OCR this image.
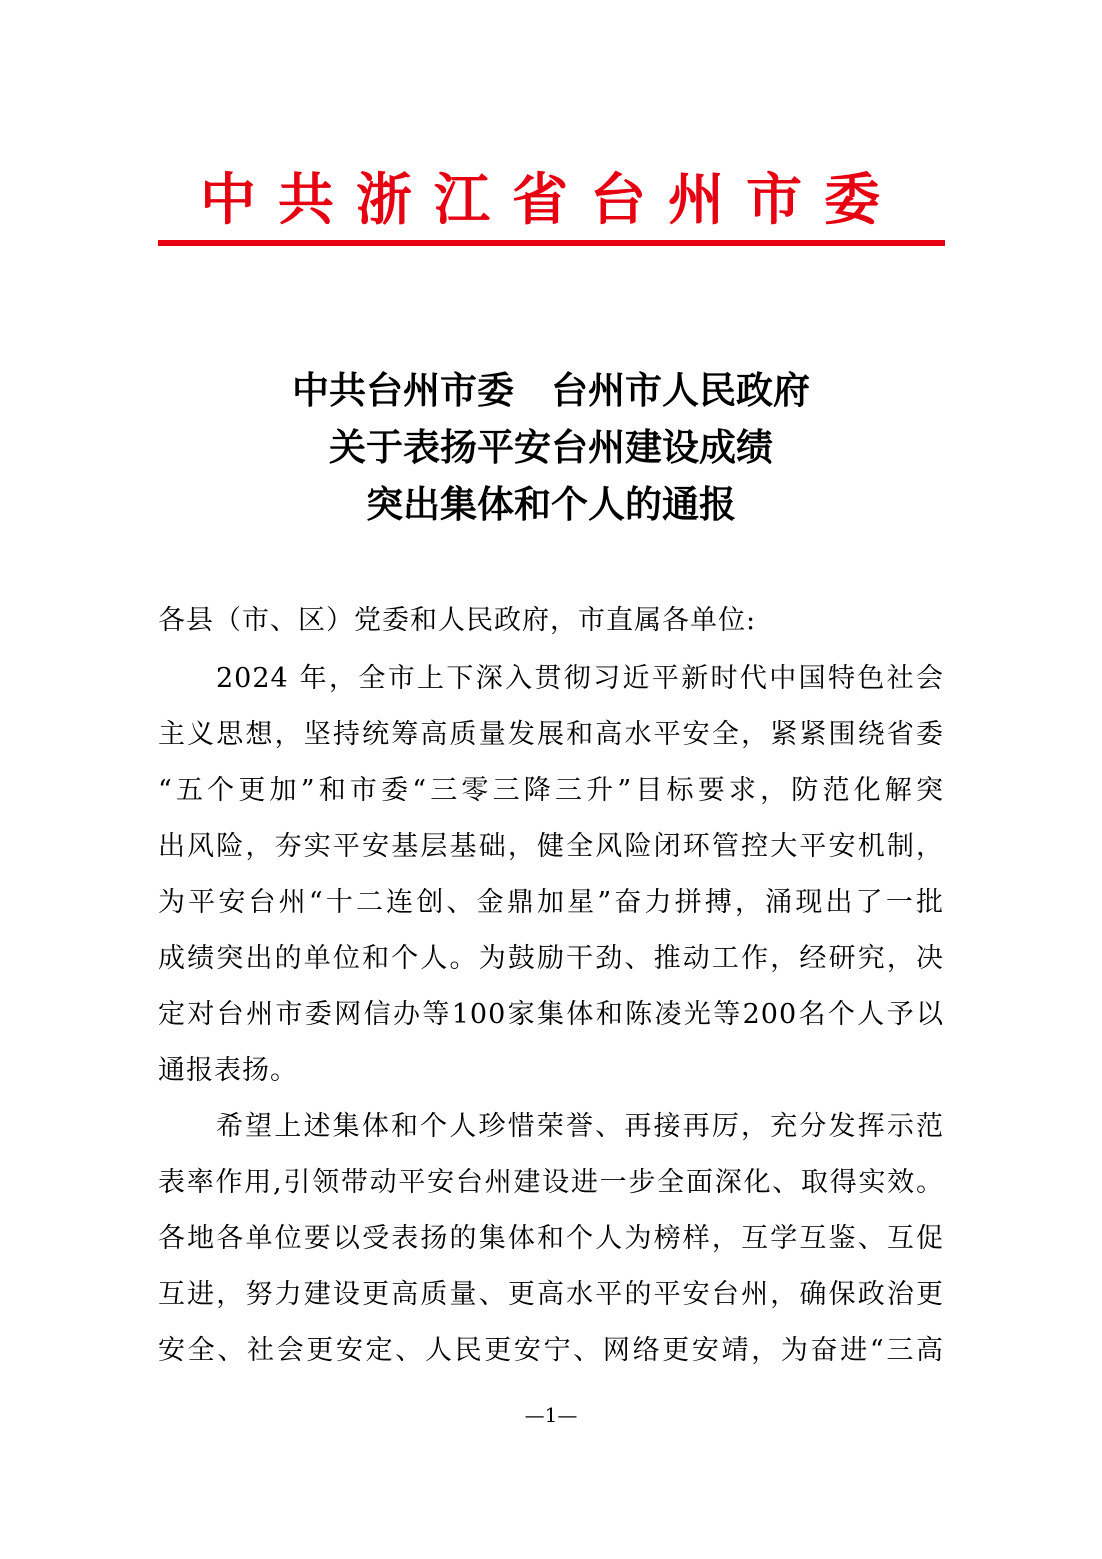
中共浙江省台州市委
中共台州市委　台州市人民政府
关于表扬平安台州建设成绩
突出集体和个人的通报
各县（市、区）党委和人民政府，市直属各单位:
2024 年，全市上下深入贯彻习近平新时代中国特色社会
主义思想，坚持统筹高质量发展和高水平安全，紧紧围绕省委
“五个更加”和市委“三零三降三升”目标要求，防范化解突
出风险，夯实平安基层基础，健全风险闭环管控大平安机制，
为平安台州“十二连创、金鼎加星”奋力拼搏，涌现出了一批
成绩突出的单位和个人。为鼓励干劲、推动工作，经研究，决
定对台州市委网信办等100家集体和陈凌光等200名个人予以
通报表扬。
希望上述集体和个人珍惜荣誉、再接再厉，充分发挥示范
表率作用,引领带动平安台州建设进一步全面深化、取得实效。
各地各单位要以受表扬的集体和个人为榜样，互学互鉴、互促
互进，努力建设更高质量、更高水平的平安台州，确保政治更
安全、社会更安定、人民更安宁、网络更安靖，为奋进“三高
—1—
